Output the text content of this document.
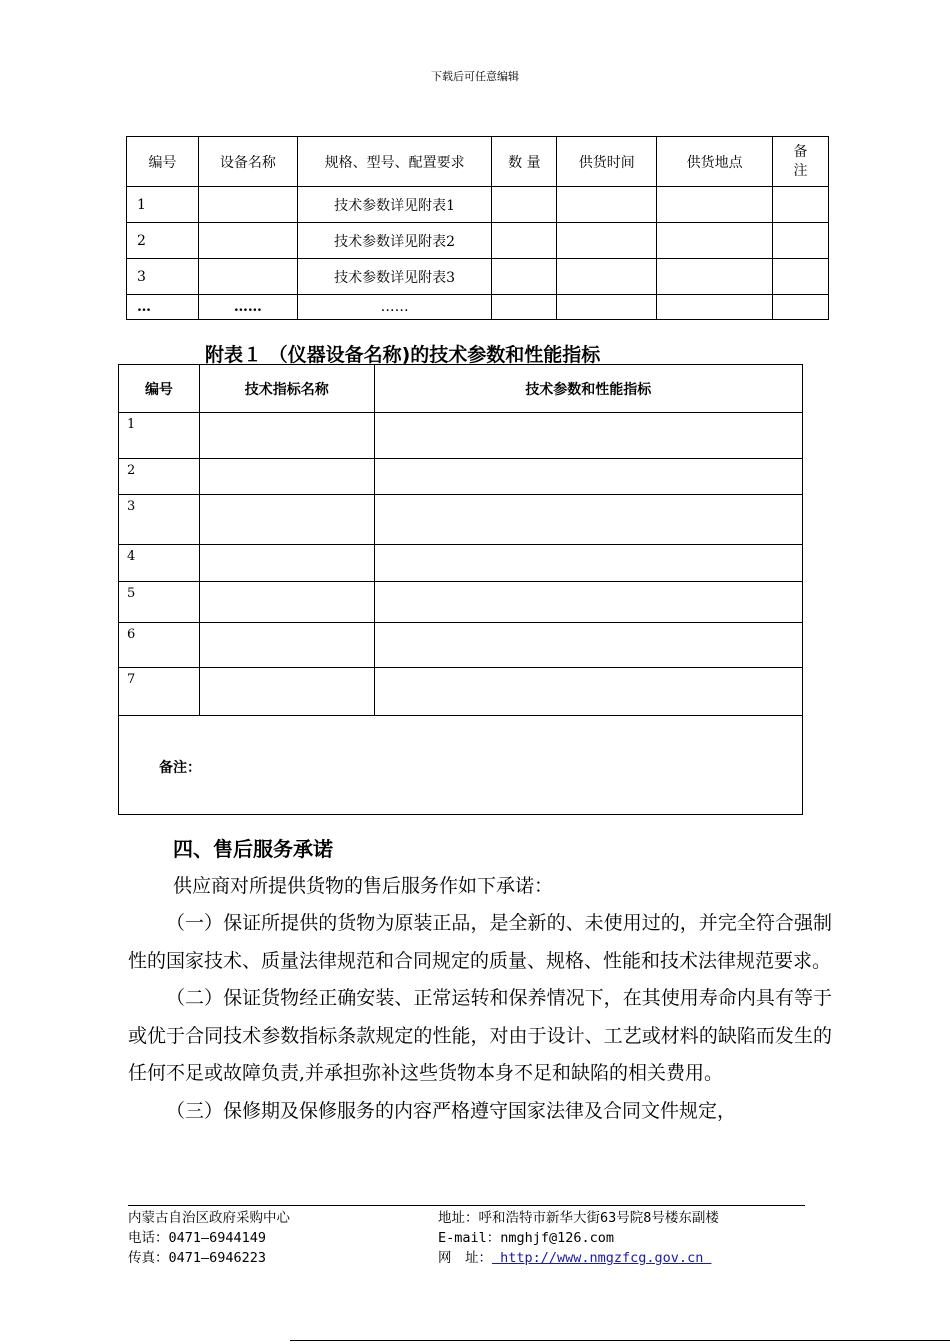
下载后可任意编辑
编号	设备名称	规格、型号、配置要求	数 量	供货时间	供货地点	备注
1		技术参数详见附表1				
2		技术参数详见附表2				
3		技术参数详见附表3				
…	……	……				
附表１ （仪器设备名称)的技术参数和性能指标
编号	技术指标名称	技术参数和性能指标
1		
2		
3		
4		
5		
6		
7		
备注：		
四、售后服务承诺
供应商对所提供货物的售后服务作如下承诺：

（一）保证所提供的货物为原装正品，是全新的、未使用过的，并完全符合强制性的国家技术、质量法律规范和合同规定的质量、规格、性能和技术法律规范要求。

（二）保证货物经正确安装、正常运转和保养情况下，在其使用寿命内具有等于或优于合同技术参数指标条款规定的性能，对由于设计、工艺或材料的缺陷而发生的任何不足或故障负责,并承担弥补这些货物本身不足和缺陷的相关费用。

（三）保修期及保修服务的内容严格遵守国家法律及合同文件规定，

内蒙古自治区政府采购中心
电话：0471—6944149
传真：0471—6946223
地址：呼和浩特市新华大街63号院8号楼东副楼
E-mail：nmghjf@126.com
网　址： http://www.nmgzfcg.gov.cn
